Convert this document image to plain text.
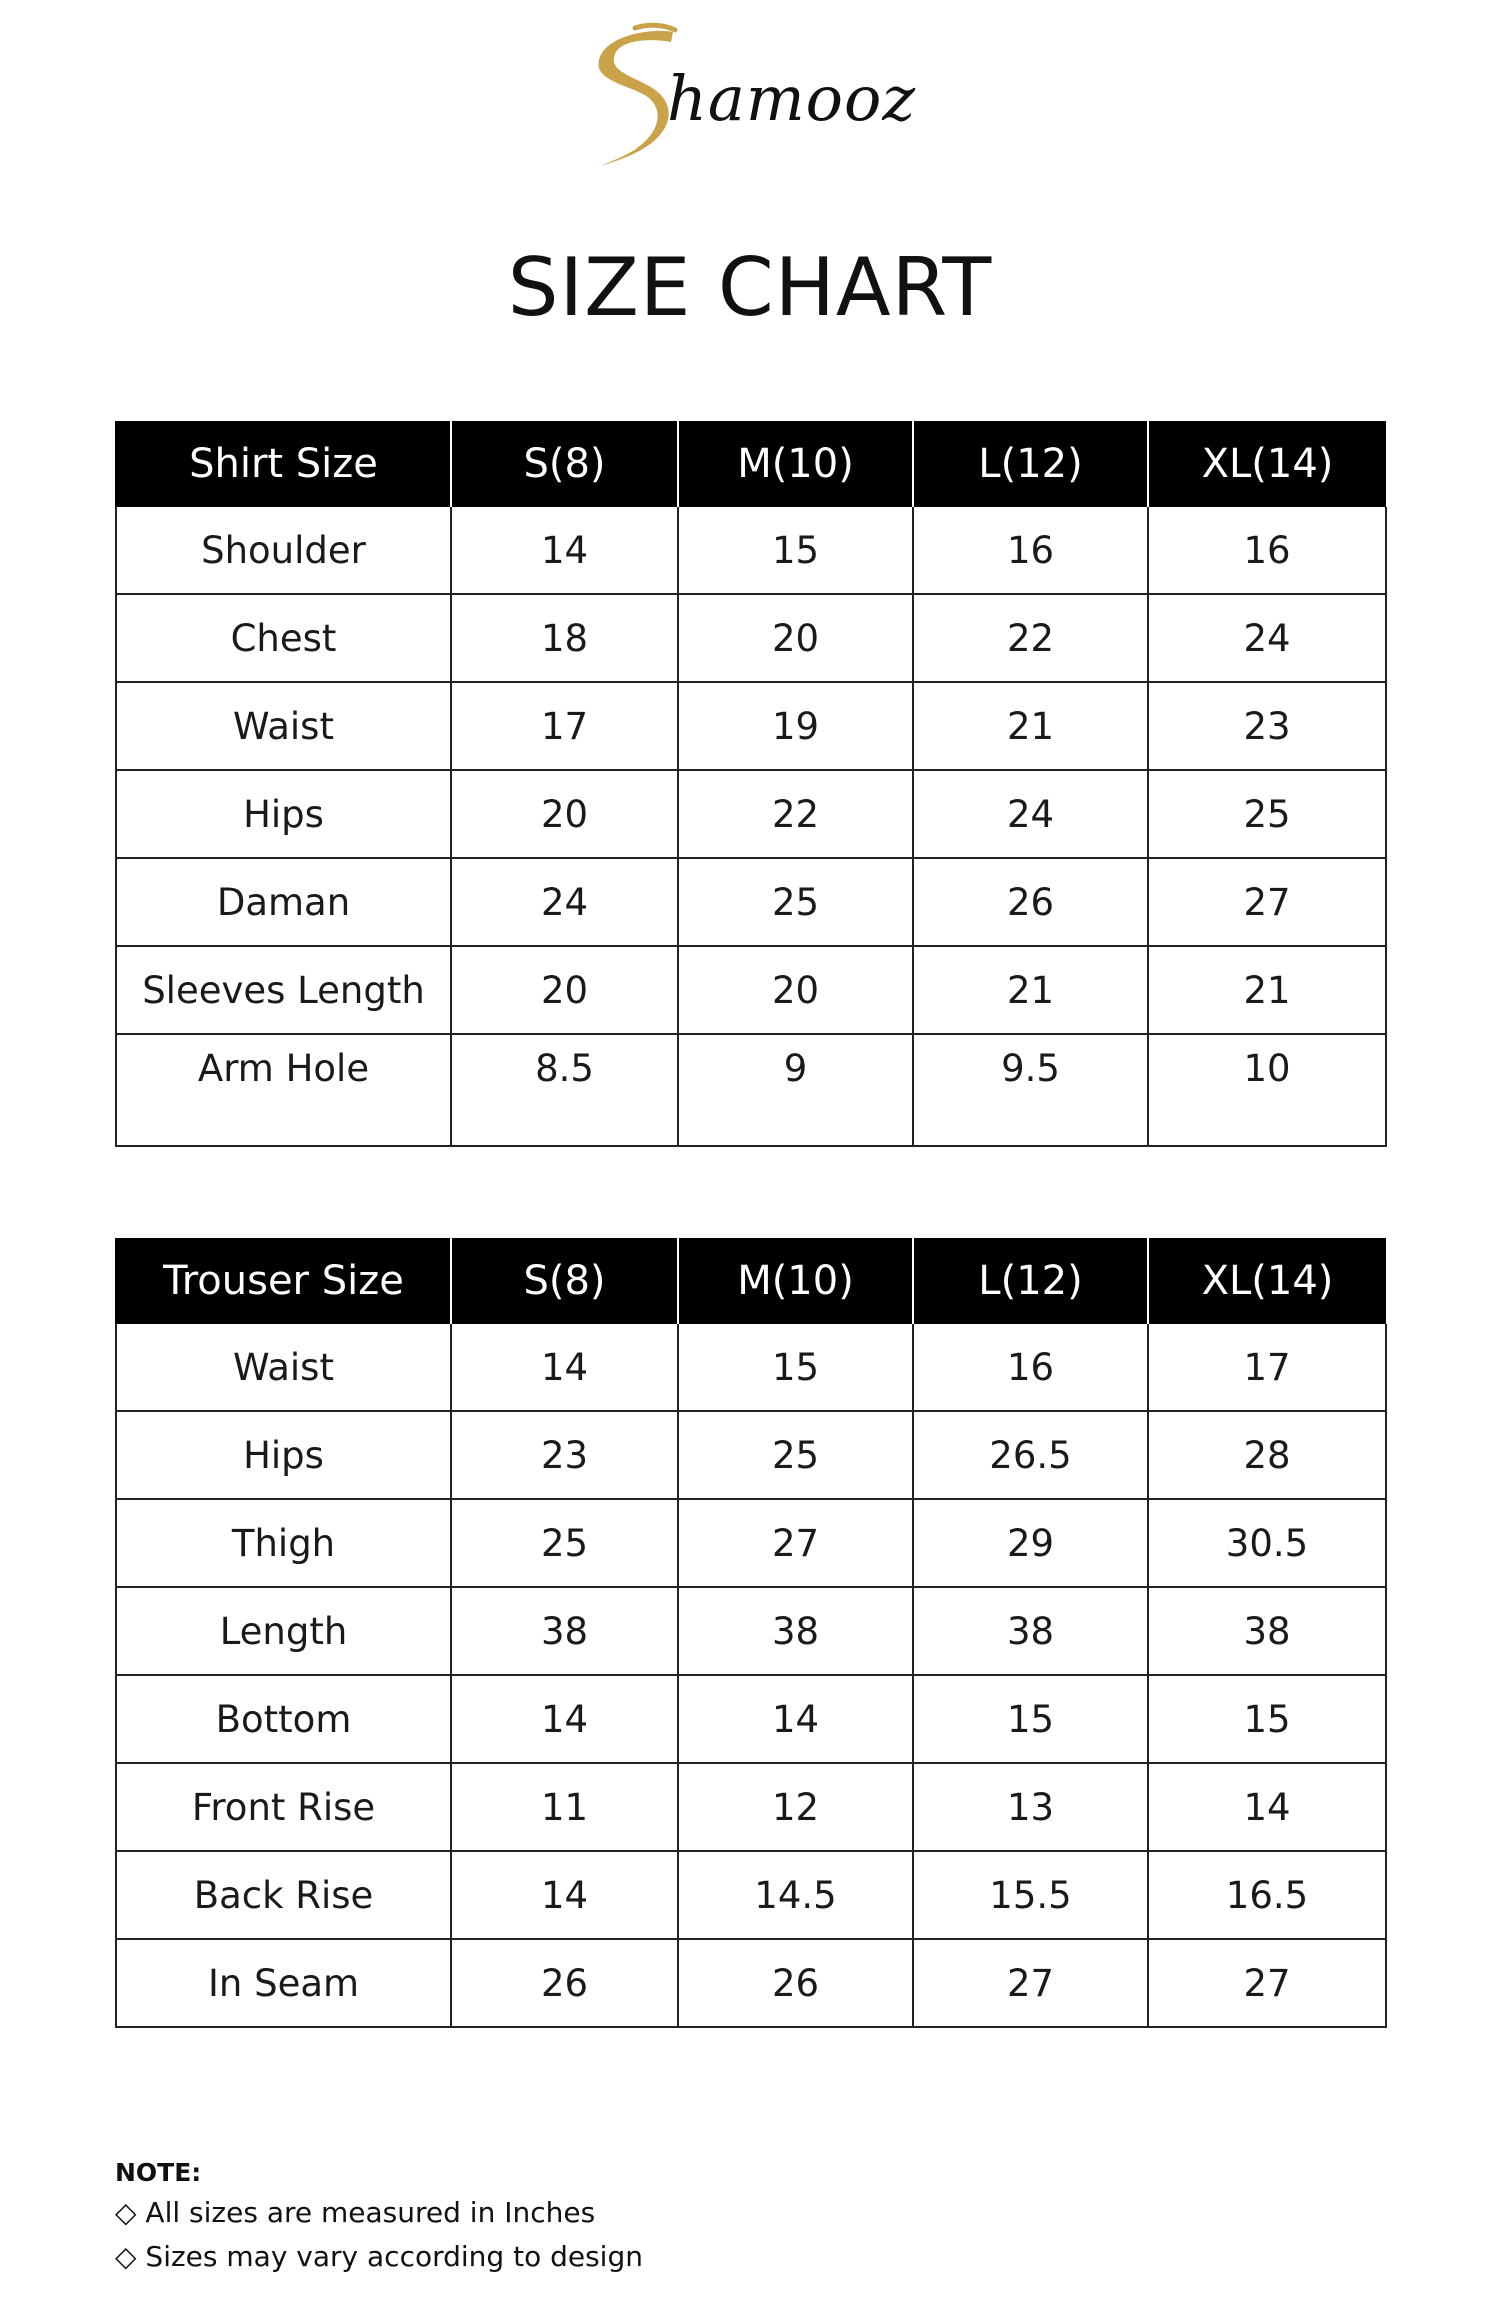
hamooz
SIZE CHART
Shirt Size	S(8)	M(10)	L(12)	XL(14)
Shoulder	14	15	16	16
Chest	18	20	22	24
Waist	17	19	21	23
Hips	20	22	24	25
Daman	24	25	26	27
Sleeves Length	20	20	21	21
Arm Hole	8.5	9	9.5	10
Trouser Size	S(8)	M(10)	L(12)	XL(14)
Waist	14	15	16	17
Hips	23	25	26.5	28
Thigh	25	27	29	30.5
Length	38	38	38	38
Bottom	14	14	15	15
Front Rise	11	12	13	14
Back Rise	14	14.5	15.5	16.5
In Seam	26	26	27	27
NOTE:
◇ All sizes are measured in Inches
◇ Sizes may vary according to design
